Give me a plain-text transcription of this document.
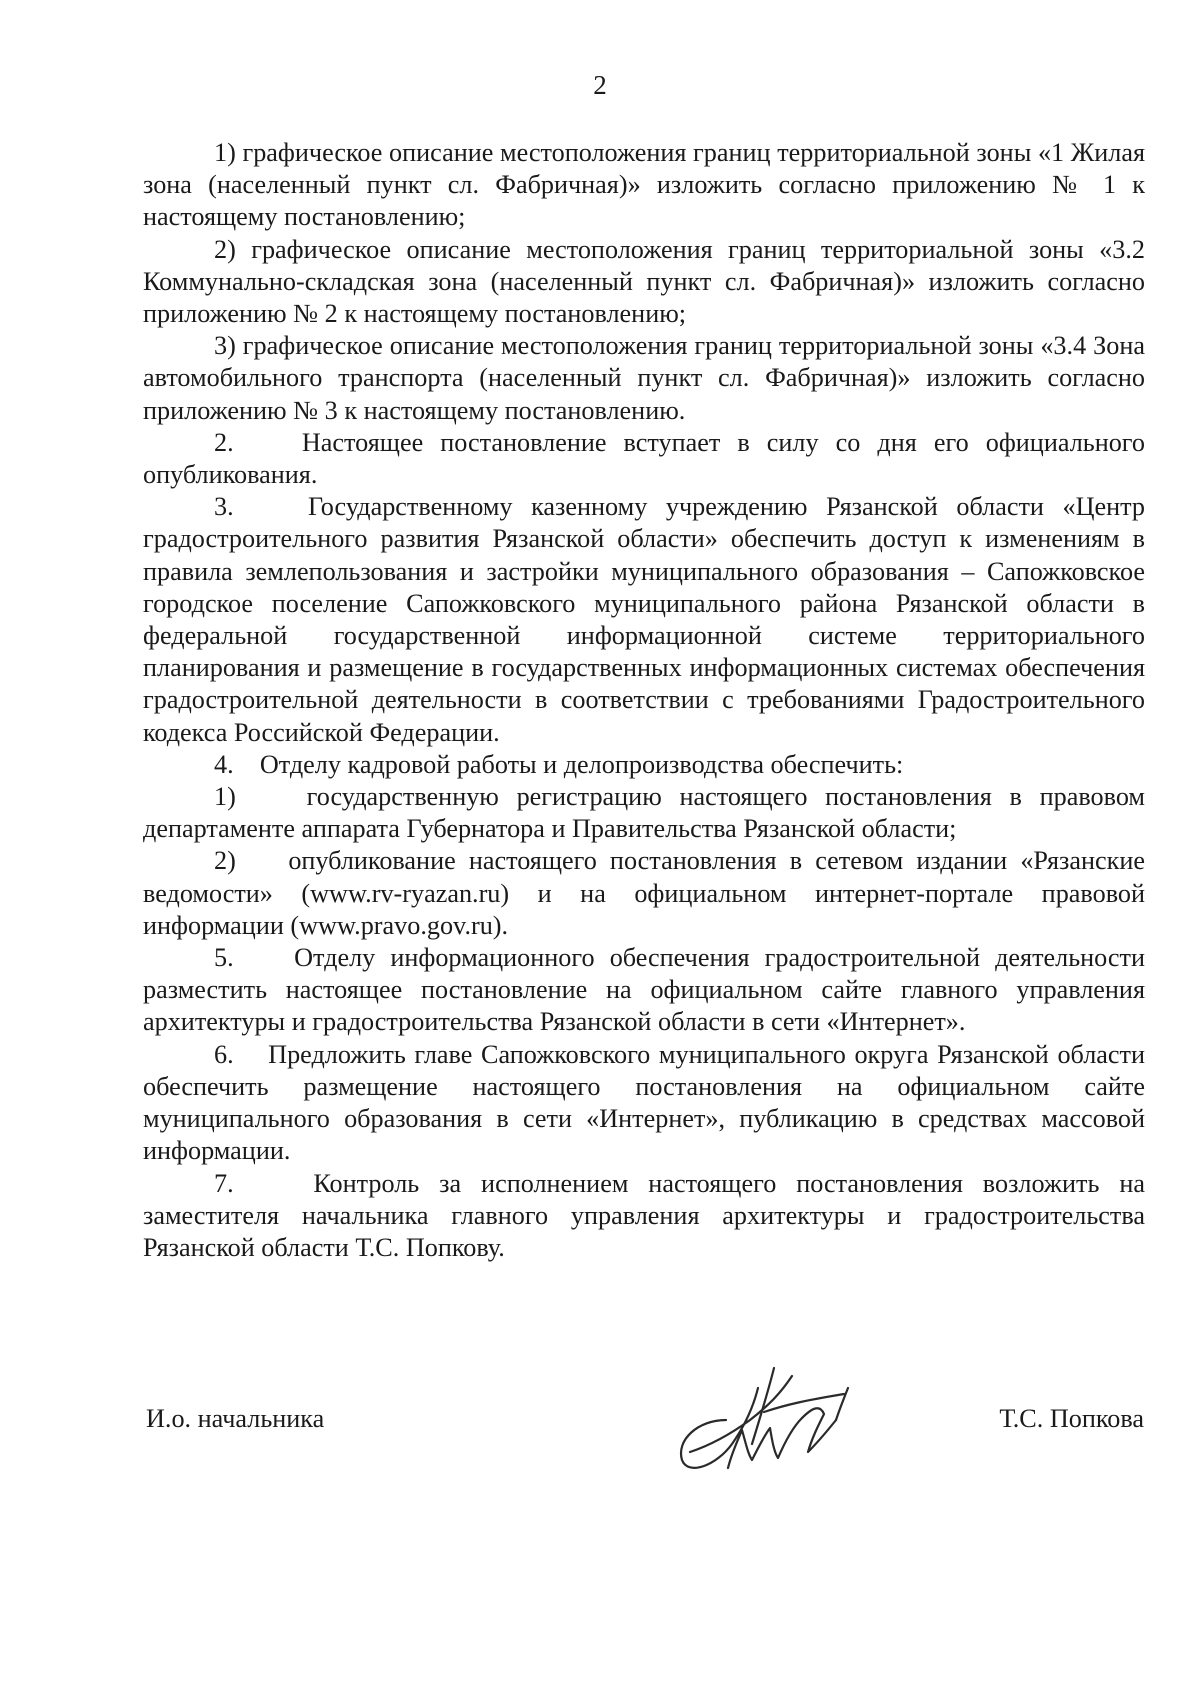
2

1) графическое описание местоположения границ территориальной зоны «1 Жилая зона (населенный пункт сл. Фабричная)» изложить согласно приложению № 1 к настоящему постановлению;

2) графическое описание местоположения границ территориальной зоны «3.2 Коммунально-складская зона (населенный пункт сл. Фабричная)» изложить согласно приложению № 2 к настоящему постановлению;

3) графическое описание местоположения границ территориальной зоны «3.4 Зона автомобильного транспорта (населенный пункт сл. Фабричная)» изложить согласно приложению № 3 к настоящему постановлению.

2.    Настоящее постановление вступает в силу со дня его официального опубликования.

3.    Государственному казенному учреждению Рязанской области «Центр градостроительного развития Рязанской области» обеспечить доступ к изменениям в правила землепользования и застройки муниципального образования – Сапожковское городское поселение Сапожковского муниципального района Рязанской области в федеральной государственной информационной системе территориального планирования и размещение в государственных информационных системах обеспечения градостроительной деятельности в соответствии с требованиями Градостроительного кодекса Российской Федерации.

4.    Отделу кадровой работы и делопроизводства обеспечить:

1)    государственную регистрацию настоящего постановления в правовом департаменте аппарата Губернатора и Правительства Рязанской области;

2)    опубликование настоящего постановления в сетевом издании «Рязанские ведомости» (www.rv-ryazan.ru) и на официальном интернет-портале правовой информации (www.pravo.gov.ru).

5.    Отделу информационного обеспечения градостроительной деятельности разместить настоящее постановление на официальном сайте главного управления архитектуры и градостроительства Рязанской области в сети «Интернет».

6.    Предложить главе Сапожковского муниципального округа Рязанской области обеспечить размещение настоящего постановления на официальном сайте муниципального образования в сети «Интернет», публикацию в средствах массовой информации.

7.    Контроль за исполнением настоящего постановления возложить на заместителя начальника главного управления архитектуры и градостроительства Рязанской области Т.С. Попкову.

И.о. начальника	Т.С. Попкова
